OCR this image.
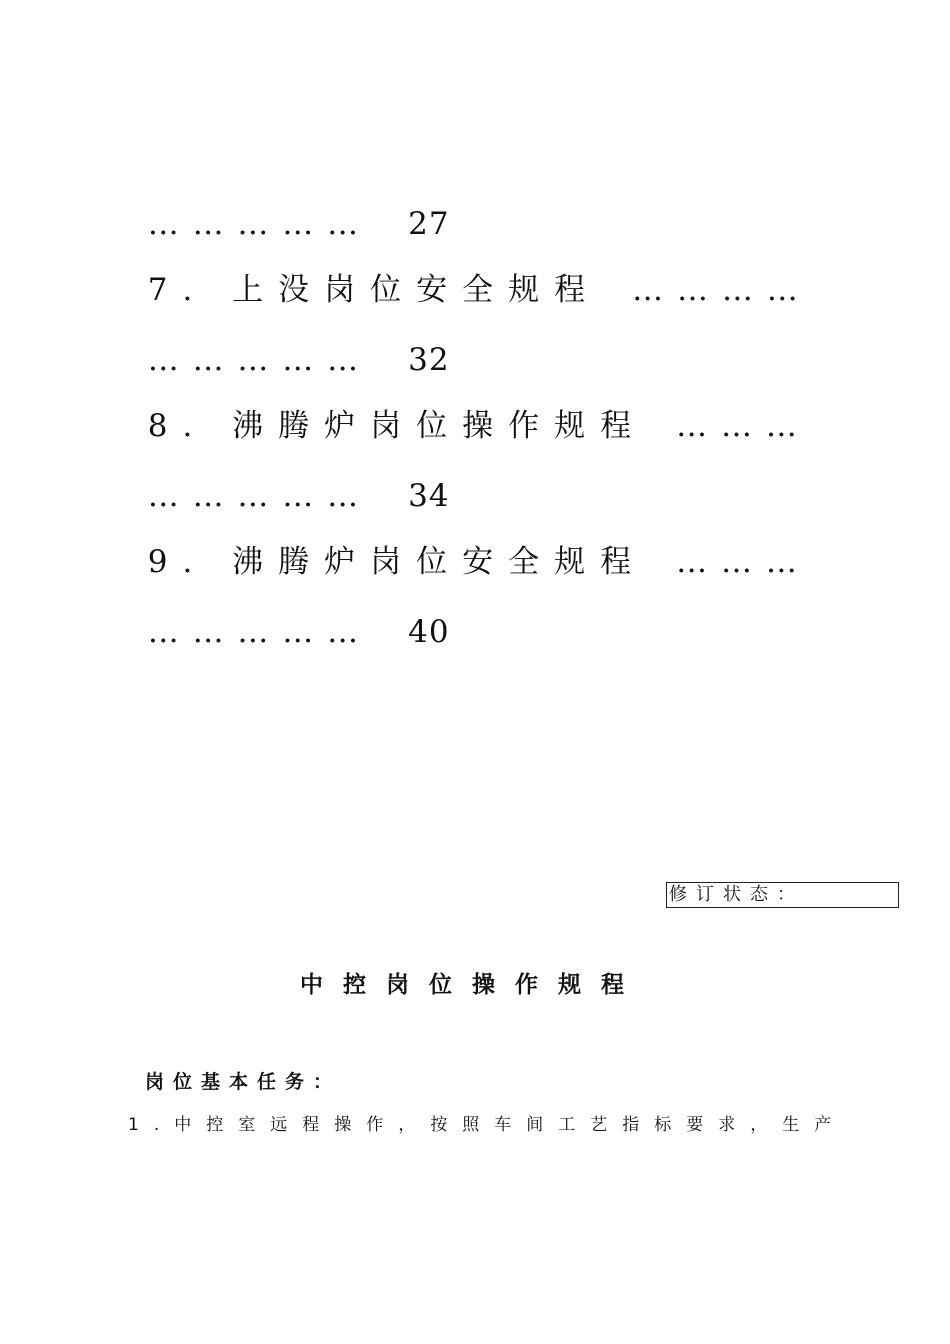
… … … … … 27

7. 上没岗位安全规程 … … … …

… … … … … 32

8. 沸腾炉岗位操作规程 … … …

… … … … … 34

9. 沸腾炉岗位安全规程 … … …

… … … … … 40

修订状态：
中控岗位操作规程
岗位基本任务：
1.中控室远程操作，按照车间工艺指标要求，生产
